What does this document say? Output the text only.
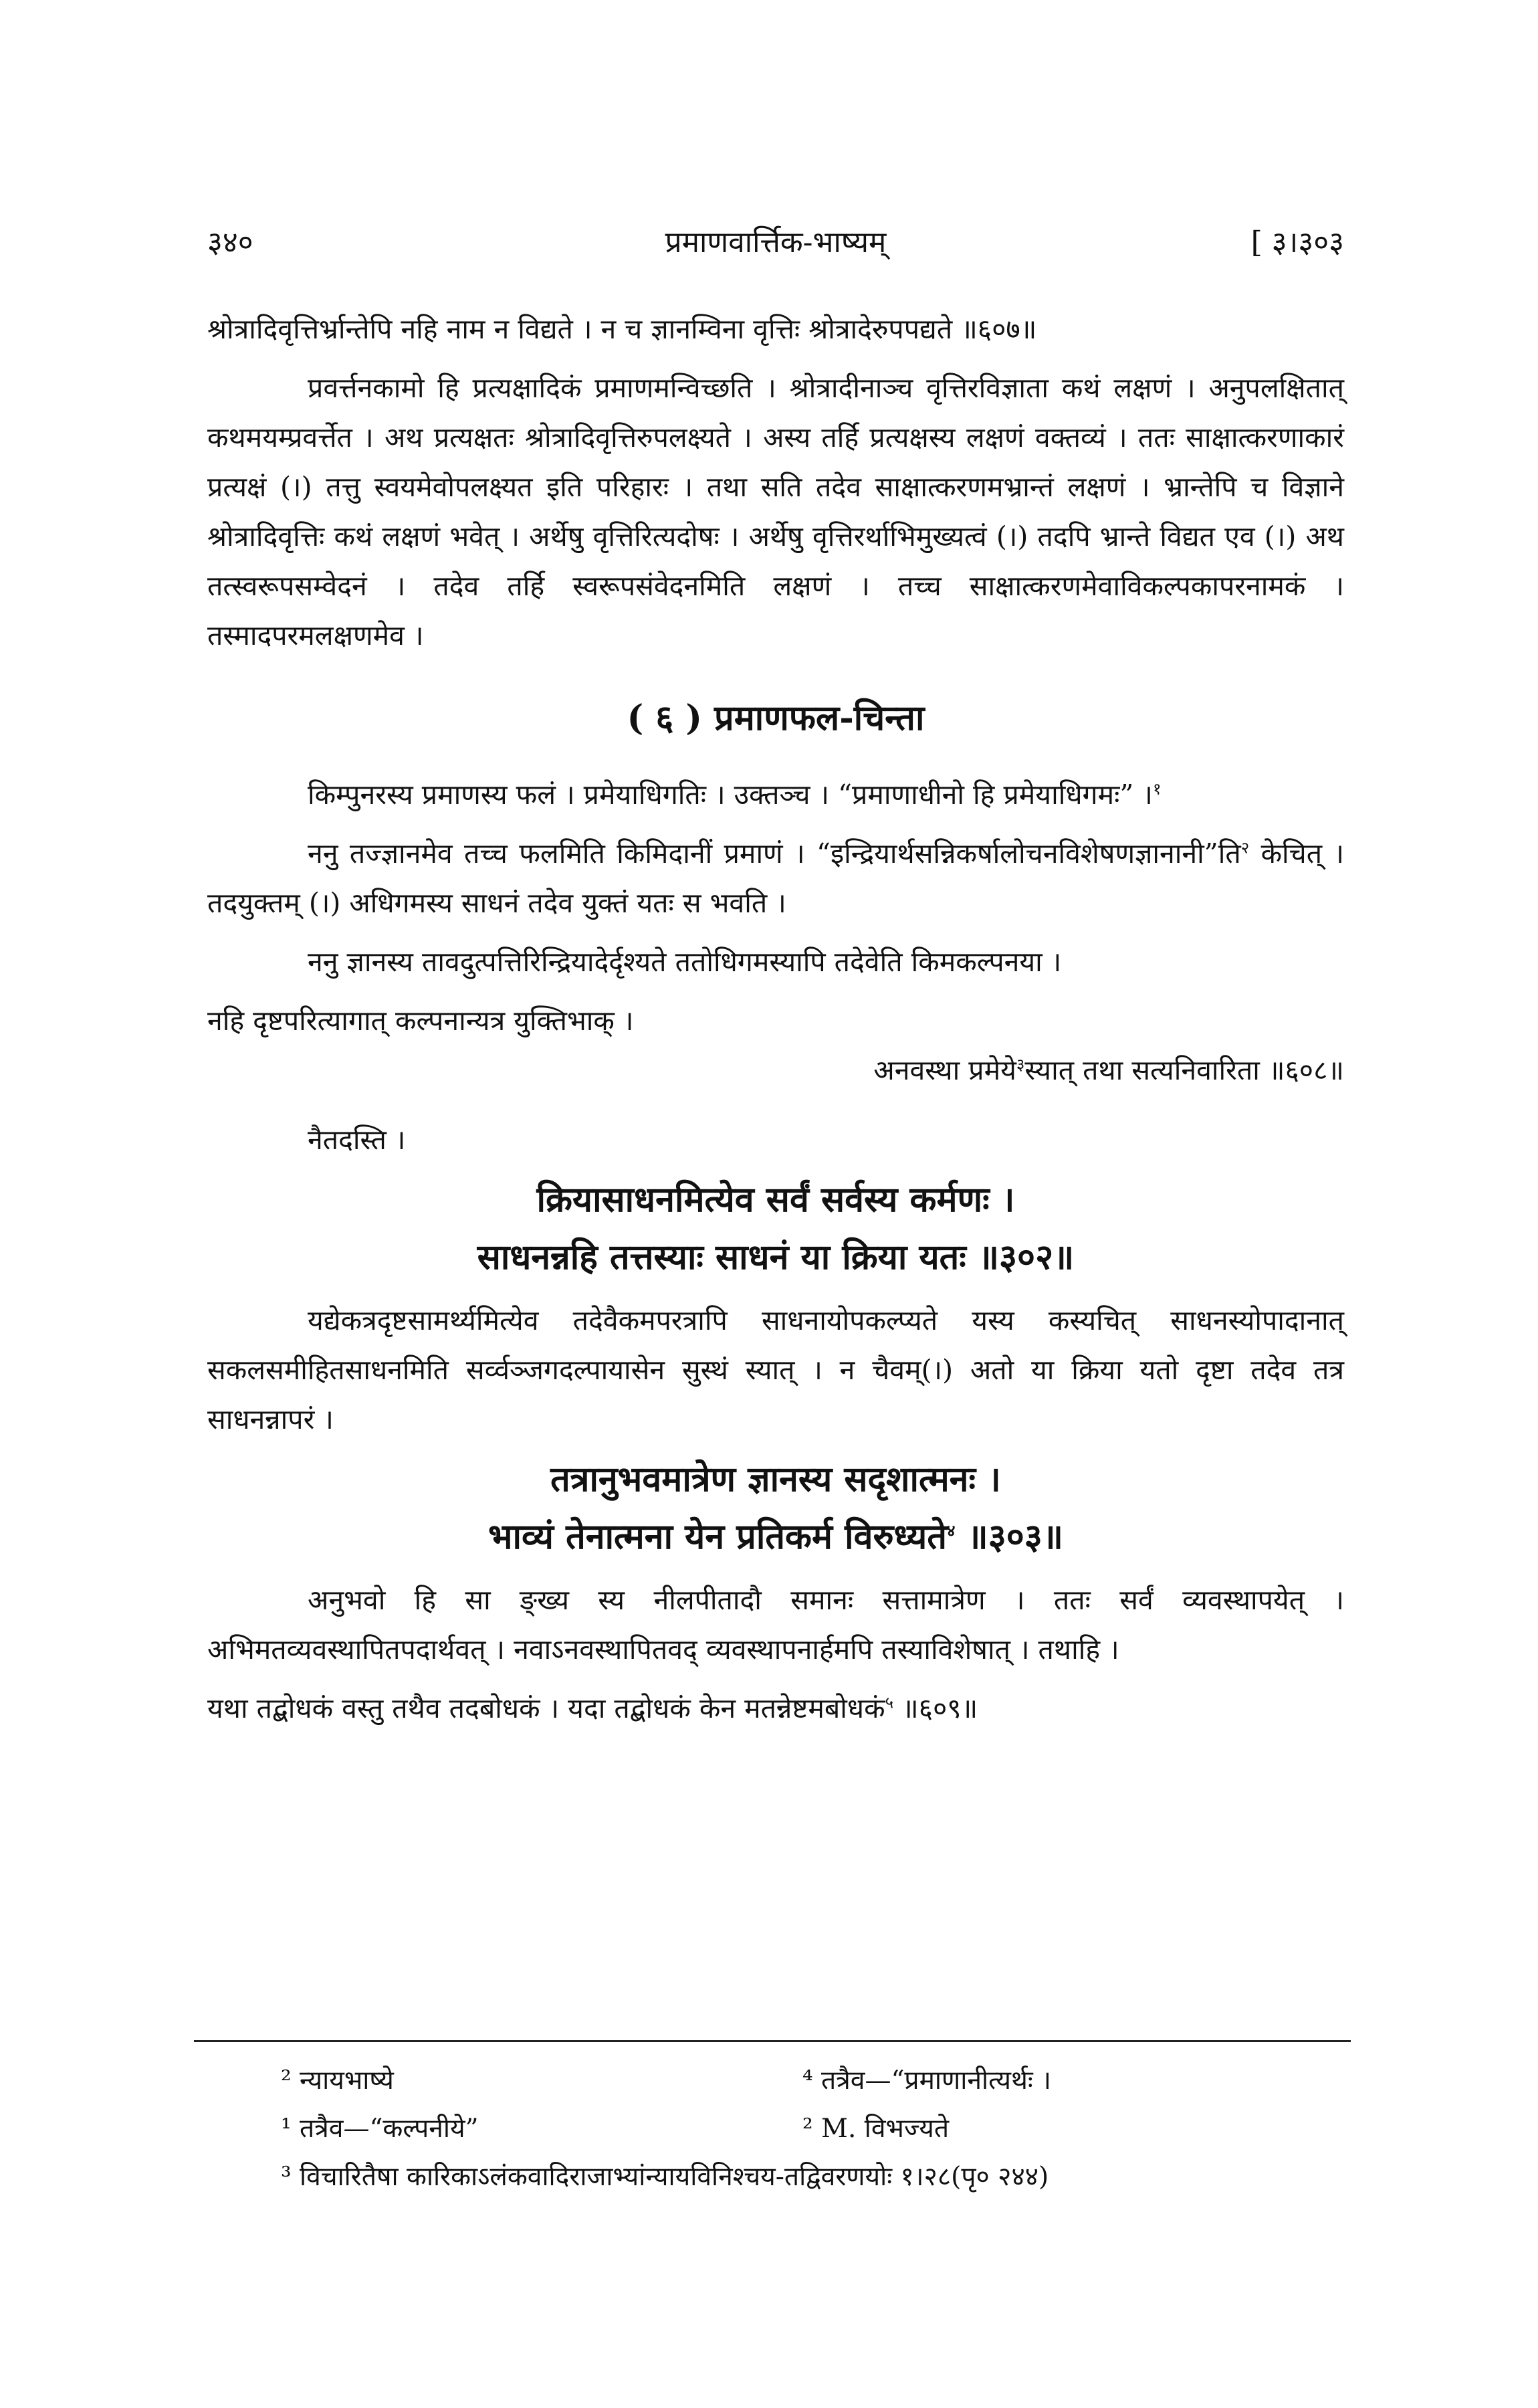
३४०	प्रमाणवार्त्तिक-भाष्यम्	[ ३।३०३

श्रोत्रादिवृत्तिर्भ्रान्तेपि नहि नाम न विद्यते । न च ज्ञानम्विना वृत्तिः श्रोत्रादेरुपपद्यते ॥६०७॥

प्रवर्त्तनकामो हि प्रत्यक्षादिकं प्रमाणमन्विच्छति । श्रोत्रादीनाञ्च वृत्तिरविज्ञाता कथं लक्षणं । अनुपलक्षितात् कथमयम्प्रवर्त्तेत । अथ प्रत्यक्षतः श्रोत्रादिवृत्तिरुपलक्ष्यते । अस्य तर्हि प्रत्यक्षस्य लक्षणं वक्तव्यं । ततः साक्षात्करणाकारं प्रत्यक्षं (।) तत्तु स्वयमेवोपलक्ष्यत इति परिहारः । तथा सति तदेव साक्षात्करणमभ्रान्तं लक्षणं । भ्रान्तेपि च विज्ञाने श्रोत्रादिवृत्तिः कथं लक्षणं भवेत् । अर्थेषु वृत्तिरित्यदोषः । अर्थेषु वृत्तिरर्थाभिमुख्यत्वं (।) तदपि भ्रान्ते विद्यत एव (।) अथ तत्स्वरूपसम्वेदनं । तदेव तर्हि स्वरूपसंवेदनमिति लक्षणं । तच्च साक्षात्करणमेवाविकल्पकापरनामकं । तस्मादपरमलक्षणमेव ।

( ६ ) प्रमाणफल-चिन्ता

किम्पुनरस्य प्रमाणस्य फलं । प्रमेयाधिगतिः । उक्तञ्च । “प्रमाणाधीनो हि प्रमेयाधिगमः” ।$^१$

ननु तज्ज्ञानमेव तच्च फलमिति किमिदानीं प्रमाणं । “इन्द्रियार्थसन्निकर्षालोचनविशेषणज्ञानानी”ति$^२$ केचित् । तदयुक्तम् (।) अधिगमस्य साधनं तदेव युक्तं यतः स भवति ।

ननु ज्ञानस्य तावदुत्पत्तिरिन्द्रियादेर्दृश्यते ततोधिगमस्यापि तदेवेति किमकल्पनया ।

नहि दृष्टपरित्यागात् कल्पनान्यत्र युक्तिभाक् ।

अनवस्था प्रमेये$^३$स्यात् तथा सत्यनिवारिता ॥६०८॥

नैतदस्ति ।

क्रियासाधनमित्येव सर्वं सर्वस्य कर्मणः ।
साधनन्नहि तत्तस्याः साधनं या क्रिया यतः ॥३०२॥

यद्येकत्रदृष्टसामर्थ्यमित्येव तदेवैकमपरत्रापि साधनायोपकल्प्यते यस्य कस्यचित् साधनस्योपादानात् सकलसमीहितसाधनमिति सर्व्वञ्जगदल्पायासेन सुस्थं स्यात् । न चैवम्(।) अतो या क्रिया यतो दृष्टा तदेव तत्र साधनन्नापरं ।

तत्रानुभवमात्रेण ज्ञानस्य सदृशात्मनः ।
भाव्यं तेनात्मना येन प्रतिकर्म विरुध्यते$^४$ ॥३०३॥

अनुभवो हि सा ङ्ख्य स्य नीलपीतादौ समानः सत्तामात्रेण । ततः सर्वं व्यवस्थापयेत् । अभिमतव्यवस्थापितपदार्थवत् । नवाऽनवस्थापितवद् व्यवस्थापनार्हमपि तस्याविशेषात् । तथाहि ।

यथा तद्बोधकं वस्तु तथैव तदबोधकं । यदा तद्बोधकं केन मतन्नेष्टमबोधकं$^५$ ॥६०९॥

² न्यायभाष्ये	⁴ तत्रैव—“प्रमाणानीत्यर्थः ।
¹ तत्रैव—“कल्पनीये”	² M. विभज्यते
³ विचारितैषा कारिकाऽलंकवादिराजाभ्यांन्यायविनिश्चय-तद्विवरणयोः १।२८(पृ० २४४)
